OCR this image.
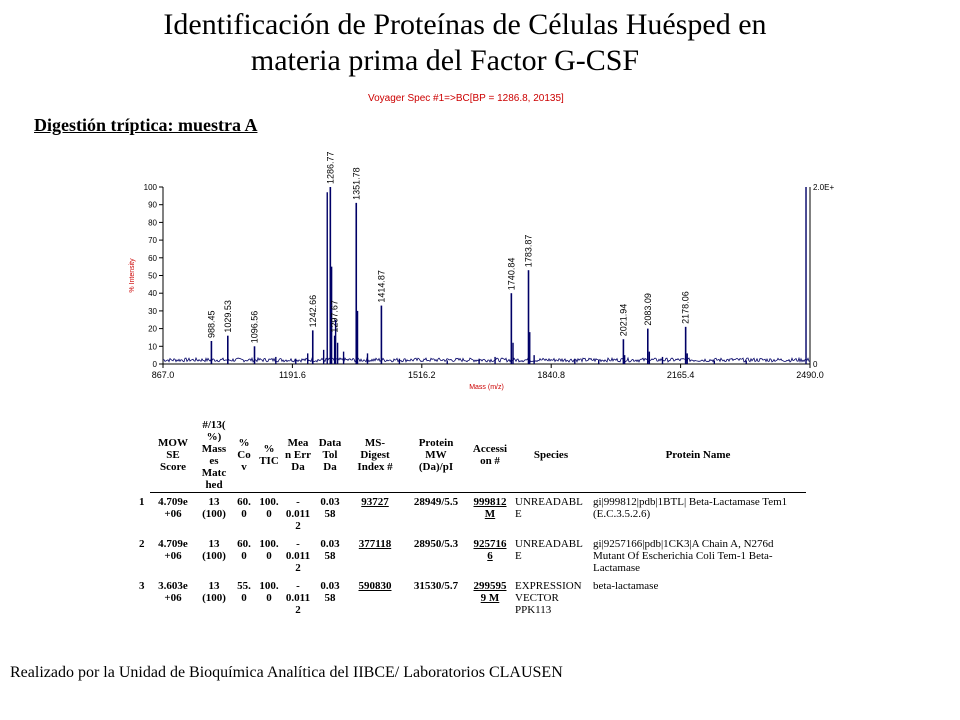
Identificación de Proteínas de Células Huésped en
materia prima del Factor G-CSF
Voyager Spec #1=>BC[BP = 1286.8, 20135]
Digestión tríptica: muestra A
0
10
20
30
40
50
60
70
80
90
100
867.0	1191.6	1516.2	1840.8	2165.4	2490.0
2.0E+
0
% Intensity
Mass (m/z)
988.45 1029.53 1096.56	1242.66
1286.77
1297.67
1351.78
1414.87	1740.84
1783.87
2021.94 2083.09	2178.06
MOW SE Score	#/13( %) Mass es Matc hed	% Co v	% TIC	Mea n Err Da	Data Tol Da	MS- Digest Index #	Protein MW (Da)/pI	Accessi on #	Species	Protein Name

1 4.709e +06	13 (100)	60. 0	100. 0	- 0.011 2	0.03 58	93727	28949/5.5	999812 M	UNREADABL E	gi|999812|pdb|1BTL| Beta-Lactamase Tem1 (E.C.3.5.2.6)

2 4.709e +06	13 (100)	60. 0	100. 0	- 0.011 2	0.03 58	377118	28950/5.3	925716 6	UNREADABL E	gi|9257166|pdb|1CK3|A Chain A, N276d Mutant Of Escherichia Coli Tem-1 Beta-Lactamase

3 3.603e +06	13 (100)	55. 0	100. 0	- 0.011 2	0.03 58	590830	31530/5.7	299595 9 M	EXPRESSION VECTOR PPK113	beta-lactamase
Realizado por la Unidad de Bioquímica Analítica del IIBCE/ Laboratorios CLAUSEN
